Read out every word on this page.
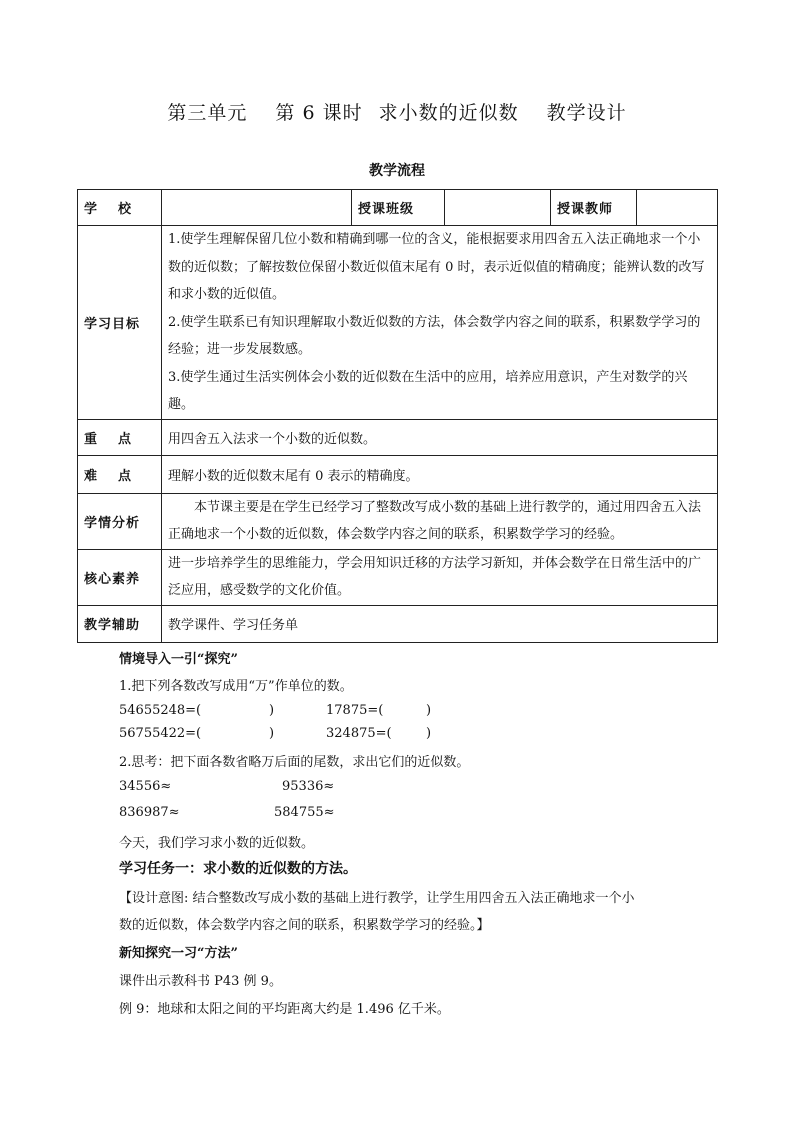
第三单元 第 6 课时 求小数的近似数 教学设计
教学流程
学 校		授课班级		授课教师	
学习目标	1.使学生理解保留几位小数和精确到哪一位的含义，能根据要求用四舍五入法正确地求一个小数的近似数；了解按数位保留小数近似值末尾有 0 时，表示近似值的精确度；能辨认数的改写和求小数的近似值。
2.使学生联系已有知识理解取小数近似数的方法，体会数学内容之间的联系，积累数学学习的经验；进一步发展数感。
3.使学生通过生活实例体会小数的近似数在生活中的应用，培养应用意识，产生对数学的兴趣。				

重 点	用四舍五入法求一个小数的近似数。				
难 点	理解小数的近似数末尾有 0 表示的精确度。				
学情分析	本节课主要是在学生已经学习了整数改写成小数的基础上进行教学的，通过用四舍五入法正确地求一个小数的近似数，体会数学内容之间的联系，积累数学学习的经验。				
核心素养	进一步培养学生的思维能力，学会用知识迁移的方法学习新知，并体会数学在日常生活中的广泛应用，感受数学的文化价值。				
教学辅助	教学课件、学习任务单				
情境导入一引“探究”
1.把下列各数改写成用“万”作单位的数。
54655248=(	)	17875=(	)
56755422=(	)	324875=(	)
2.思考：把下面各数省略万后面的尾数，求出它们的近似数。
34556≈	95336≈
836987≈	584755≈
今天，我们学习求小数的近似数。
学习任务一：求小数的近似数的方法。
【设计意图: 结合整数改写成小数的基础上进行教学，让学生用四舍五入法正确地求一个小
数的近似数，体会数学内容之间的联系，积累数学学习的经验。】
新知探究一习“方法”
课件出示教科书 P43 例 9。
例 9：地球和太阳之间的平均距离大约是 1.496 亿千米。
